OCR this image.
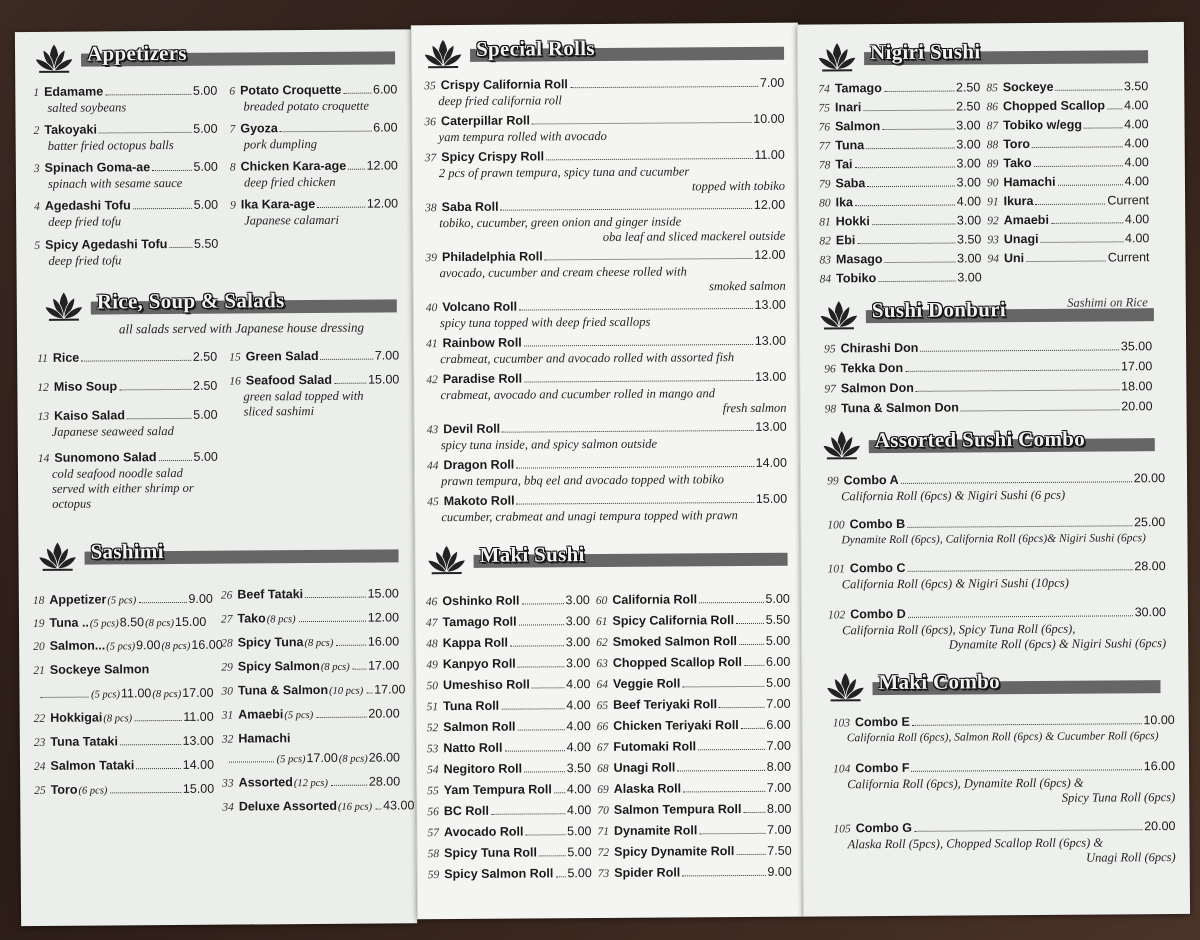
Appetizers
1 Edamame	5.00
salted soybeans
2 Takoyaki	5.00
batter fried octopus balls
3 Spinach Goma-ae	5.00
spinach with sesame sauce
4 Agedashi Tofu	5.00
deep fried tofu
5 Spicy Agedashi Tofu 5.50
deep fried tofu
6 Potato Croquette	6.00
breaded potato croquette
7 Gyoza	6.00
pork dumpling
8 Chicken Kara-age 12.00
deep fried chicken
9 Ika Kara-age	12.00
Japanese calamari
Rice, Soup & Salads
all salads served with Japanese house dressing
11 Rice	2.50
12 Miso Soup	2.50
13 Kaiso Salad	5.00
Japanese seaweed salad
14 Sunomono Salad	5.00
cold seafood noodle salad
served with either shrimp or
octopus
15 Green Salad	7.00
16 Seafood Salad	15.00
green salad topped with
sliced sashimi
Sashimi
18 Appetizer (5 pcs)	9.00
19 Tuna .. (5 pcs) 8.50 (8 pcs) 15.00
20 Salmon... (5 pcs) 9.00 (8 pcs) 16.00
21 Sockeye Salmon
(5 pcs) 11.00 (8 pcs) 17.00
22 Hokkigai (8 pcs)	11.00
23 Tuna Tataki	13.00
24 Salmon Tataki	14.00
25 Toro (6 pcs)	15.00
26 Beef Tataki	15.00
27 Tako (8 pcs)	12.00
28 Spicy Tuna (8 pcs)	16.00
29 Spicy Salmon (8 pcs) 17.00
30 Tuna & Salmon (10 pcs) 17.00
31 Amaebi (5 pcs)	20.00
32 Hamachi
(5 pcs) 17.00 (8 pcs) 26.00
33 Assorted (12 pcs)	28.00
34 Deluxe Assorted (16 pcs) 43.00
Special Rolls
35 Crispy California Roll	7.00
deep fried california roll
36 Caterpillar Roll	10.00
yam tempura rolled with avocado
37 Spicy Crispy Roll	11.00
2 pcs of prawn tempura, spicy tuna and cucumber
topped with tobiko
38 Saba Roll	12.00
tobiko, cucumber, green onion and ginger inside
oba leaf and sliced mackerel outside
39 Philadelphia Roll	12.00
avocado, cucumber and cream cheese rolled with
smoked salmon
40 Volcano Roll	13.00
spicy tuna topped with deep fried scallops
41 Rainbow Roll	13.00
crabmeat, cucumber and avocado rolled with assorted fish
42 Paradise Roll	13.00
crabmeat, avocado and cucumber rolled in mango and
fresh salmon
43 Devil Roll	13.00
spicy tuna inside, and spicy salmon outside
44 Dragon Roll	14.00
prawn tempura, bbq eel and avocado topped with tobiko
45 Makoto Roll	15.00
cucumber, crabmeat and unagi tempura topped with prawn
Maki Sushi
46 Oshinko Roll	3.00
47 Tamago Roll	3.00
48 Kappa Roll	3.00
49 Kanpyo Roll	3.00
50 Umeshiso Roll	4.00
51 Tuna Roll	4.00
52 Salmon Roll	4.00
53 Natto Roll	4.00
54 Negitoro Roll	3.50
55 Yam Tempura Roll 4.00
56 BC Roll	4.00
57 Avocado Roll	5.00
58 Spicy Tuna Roll 5.00
59 Spicy Salmon Roll 5.00
60 California Roll	5.00
61 Spicy California Roll	5.50
62 Smoked Salmon Roll 5.00
63 Chopped Scallop Roll 6.00
64 Veggie Roll	5.00
65 Beef Teriyaki Roll	7.00
66 Chicken Teriyaki Roll 6.00
67 Futomaki Roll	7.00
68 Unagi Roll	8.00
69 Alaska Roll	7.00
70 Salmon Tempura Roll 8.00
71 Dynamite Roll	7.00
72 Spicy Dynamite Roll	7.50
73 Spider Roll	9.00
Nigiri Sushi
74 Tamago	2.50
75 Inari	2.50
76 Salmon	3.00
77 Tuna	3.00
78 Tai	3.00
79 Saba	3.00
80 Ika	4.00
81 Hokki	3.00
82 Ebi	3.50
83 Masago	3.00
84 Tobiko	3.00
85 Sockeye	3.50
86 Chopped Scallop 4.00
87 Tobiko w/egg	4.00
88 Toro	4.00
89 Tako	4.00
90 Hamachi	4.00
91 Ikura	Current
92 Amaebi	4.00
93 Unagi	4.00
94 Uni	Current
Sushi Donburi	Sashimi on Rice
95 Chirashi Don	35.00
96 Tekka Don	17.00
97 Salmon Don	18.00
98 Tuna & Salmon Don	20.00
Assorted Sushi Combo
99 Combo A	20.00
California Roll (6pcs) & Nigiri Sushi (6 pcs)
100 Combo B	25.00
Dynamite Roll (6pcs), California Roll (6pcs)& Nigiri Sushi (6pcs)
101 Combo C	28.00
California Roll (6pcs) & Nigiri Sushi (10pcs)
102 Combo D	30.00
California Roll (6pcs), Spicy Tuna Roll (6pcs),
Dynamite Roll (6pcs) & Nigiri Sushi (6pcs)
Maki Combo
103 Combo E	10.00
California Roll (6pcs), Salmon Roll (6pcs) & Cucumber Roll (6pcs)
104 Combo F	16.00
California Roll (6pcs), Dynamite Roll (6pcs) &
Spicy Tuna Roll (6pcs)
105 Combo G	20.00
Alaska Roll (5pcs), Chopped Scallop Roll (6pcs) &
Unagi Roll (6pcs)
